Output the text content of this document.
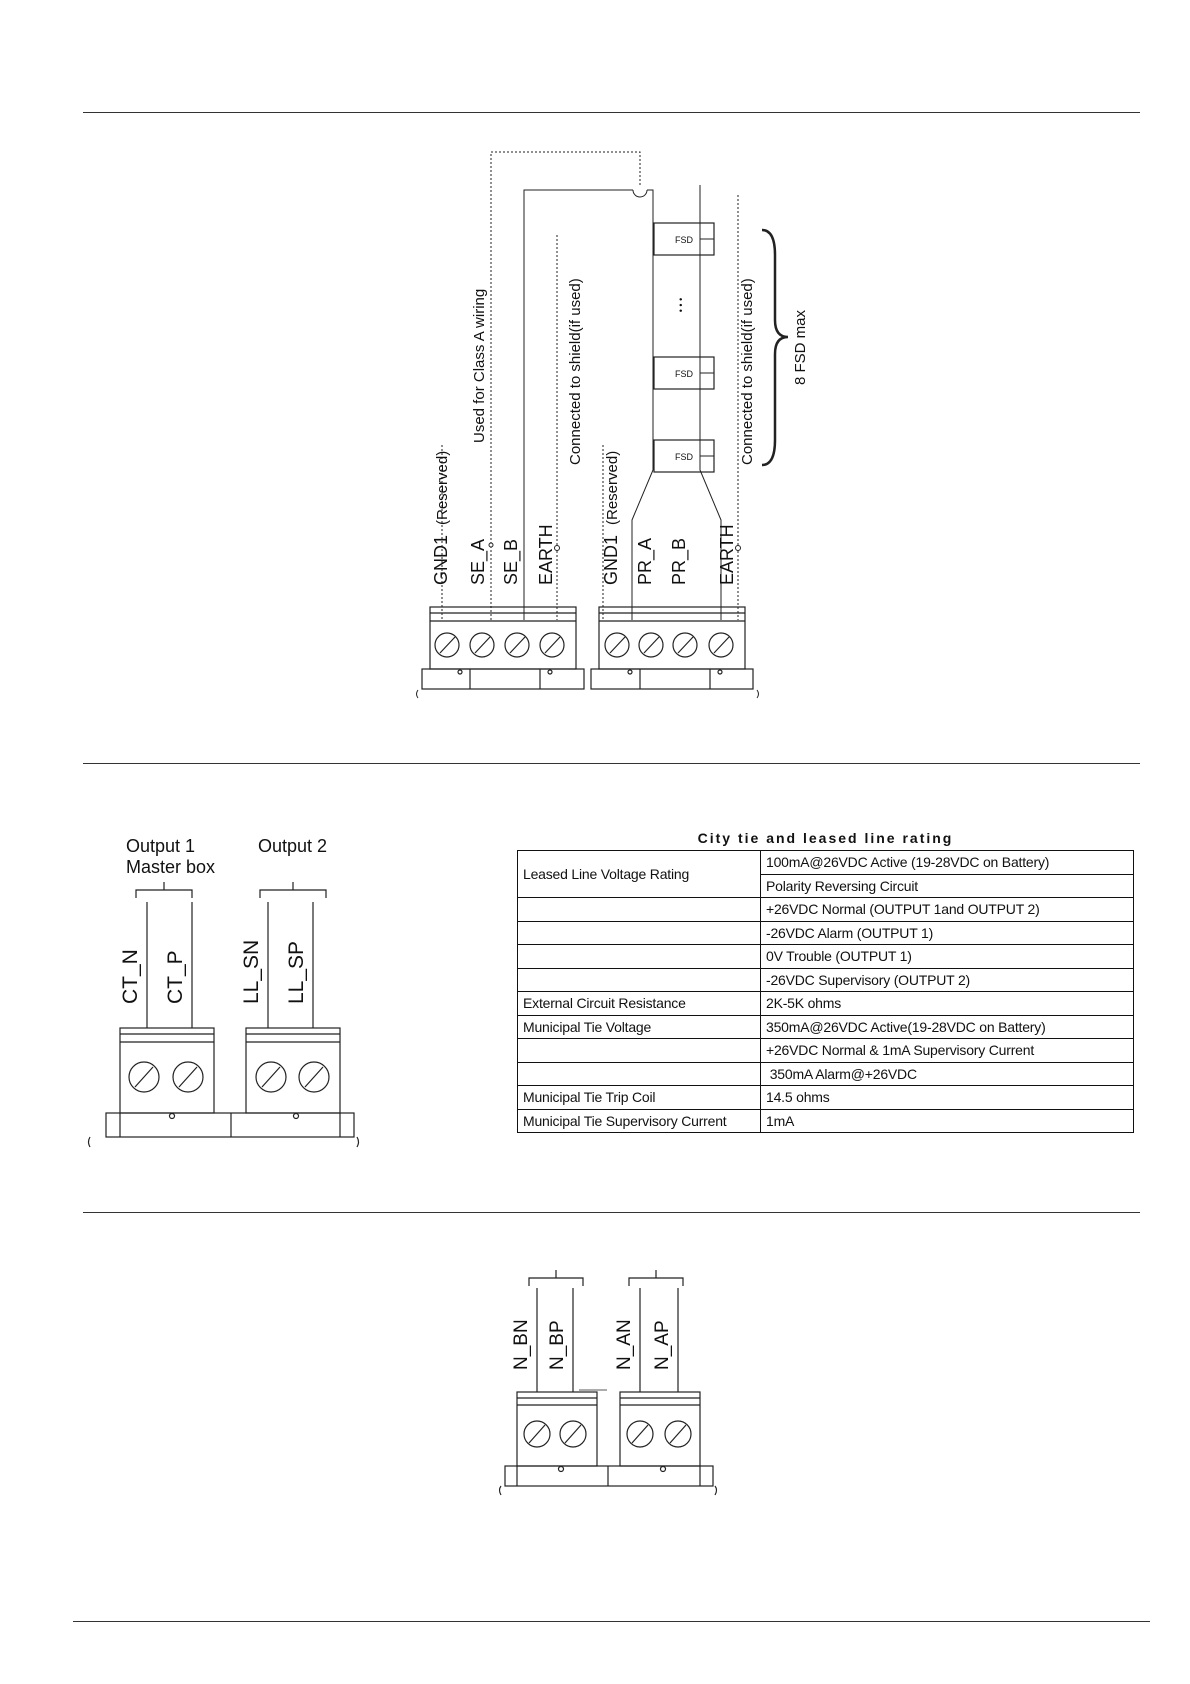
FSD
FSD
FSD
• • •
(Reserved)
Used for Class A wiring	Connected to shield(if used)
(Reserved)
Connected to shield(if used) 8 FSD max
GND1 SE_A SE_B EARTH	GND1 PR_A PR_B EARTH
Output 1
Master box
Output 2
CT_N CT_P	LL_SN LL_SP
City tie and leased line rating
Leased Line Voltage Rating	100mA@26VDC Active (19-28VDC on Battery)
	Polarity Reversing Circuit
	+26VDC Normal (OUTPUT 1and OUTPUT 2)
	-26VDC Alarm (OUTPUT 1)
	0V Trouble (OUTPUT 1)
	-26VDC Supervisory (OUTPUT 2)
External Circuit Resistance	2K-5K ohms
Municipal Tie Voltage	350mA@26VDC Active(19-28VDC on Battery)
	+26VDC Normal & 1mA Supervisory Current
	350mA Alarm@+26VDC
Municipal Tie Trip Coil	14.5 ohms
Municipal Tie Supervisory Current	1mA
N_BN N_BP N_AN N_AP
